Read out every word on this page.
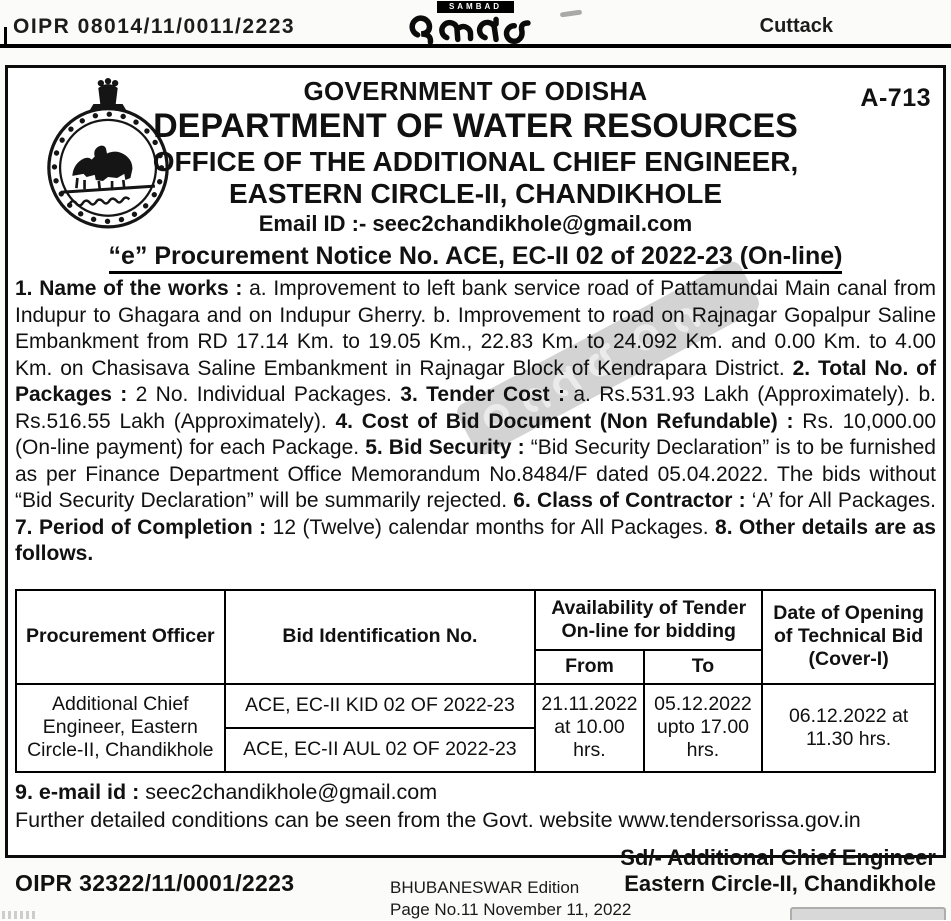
OIPR 08014/11/0011/2223	Cuttack
SAMBAD
A-713
GOVERNMENT OF ODISHA
DEPARTMENT OF WATER RESOURCES
OFFICE OF THE ADDITIONAL CHIEF ENGINEER,
EASTERN CIRCLE-II, CHANDIKHOLE
Email ID :- seec2chandikhole@gmail.com
“e” Procurement Notice No. ACE, EC-II 02 of 2022-23 (On-line)

1. Name of the works : a. Improvement to left bank service road of Pattamundai Main canal from Indupur to Ghagara and on Indupur Gherry. b. Improvement to road on Rajnagar Gopalpur Saline Embankment from RD 17.14 Km. to 19.05 Km., 22.83 Km. to 24.092 Km. and 0.00 Km. to 4.00 Km. on Chasisava Saline Embankment in Rajnagar Block of Kendrapara District. 2. Total No. of Packages : 2 No. Individual Packages. 3. Tender Cost : a. Rs.531.93 Lakh (Approximately). b. Rs.516.55 Lakh (Approximately). 4. Cost of Bid Document (Non Refundable) : Rs. 10,000.00 (On-line payment) for each Package. 5. Bid Security : “Bid Security Declaration” is to be furnished as per Finance Department Office Memorandum No.8484/F dated 05.04.2022. The bids without “Bid Security Declaration” will be summarily rejected. 6. Class of Contractor : ‘A’ for All Packages. 7. Period of Completion : 12 (Twelve) calendar months for All Packages. 8. Other details are as follows.

Procurement Officer	Bid Identification No.	Availability of Tender On-line for bidding		Date of Opening of Technical Bid (Cover-I)
		From	To	
Additional Chief Engineer, Eastern Circle-II, Chandikhole	ACE, EC-II KID 02 OF 2022-23	21.11.2022 at 10.00 hrs.	05.12.2022 upto 17.00 hrs.	06.12.2022 at 11.30 hrs.
	ACE, EC-II AUL 02 OF 2022-23			
9. e-mail id : seec2chandikhole@gmail.com
Further detailed conditions can be seen from the Govt. website www.tendersorissa.gov.in
OIPR 32322/11/0001/2223
Sd/- Additional Chief Engineer
Eastern Circle-II, Chandikhole
BHUBANESWAR Edition
Page No.11 November 11, 2022
